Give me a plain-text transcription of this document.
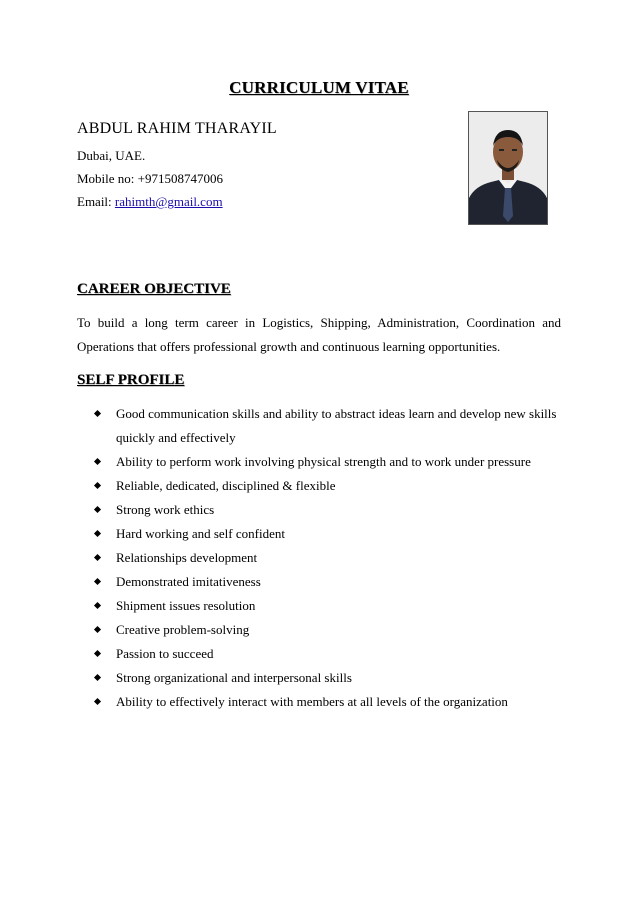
CURRICULUM VITAE
ABDUL RAHIM THARAYIL
Dubai, UAE.
Mobile no: +971508747006
Email: rahimth@gmail.com
CAREER OBJECTIVE
To build a long term career in Logistics, Shipping, Administration, Coordination and Operations that offers professional growth and continuous learning opportunities.
SELF PROFILE
Good communication skills and ability to abstract ideas learn and develop new skills quickly and effectively
Ability to perform work involving physical strength and to work under pressure
Reliable, dedicated, disciplined & flexible
Strong work ethics
Hard working and self confident
Relationships development
Demonstrated imitativeness
Shipment issues resolution
Creative problem-solving
Passion to succeed
Strong organizational and interpersonal skills
Ability to effectively interact with members at all levels of the organization
